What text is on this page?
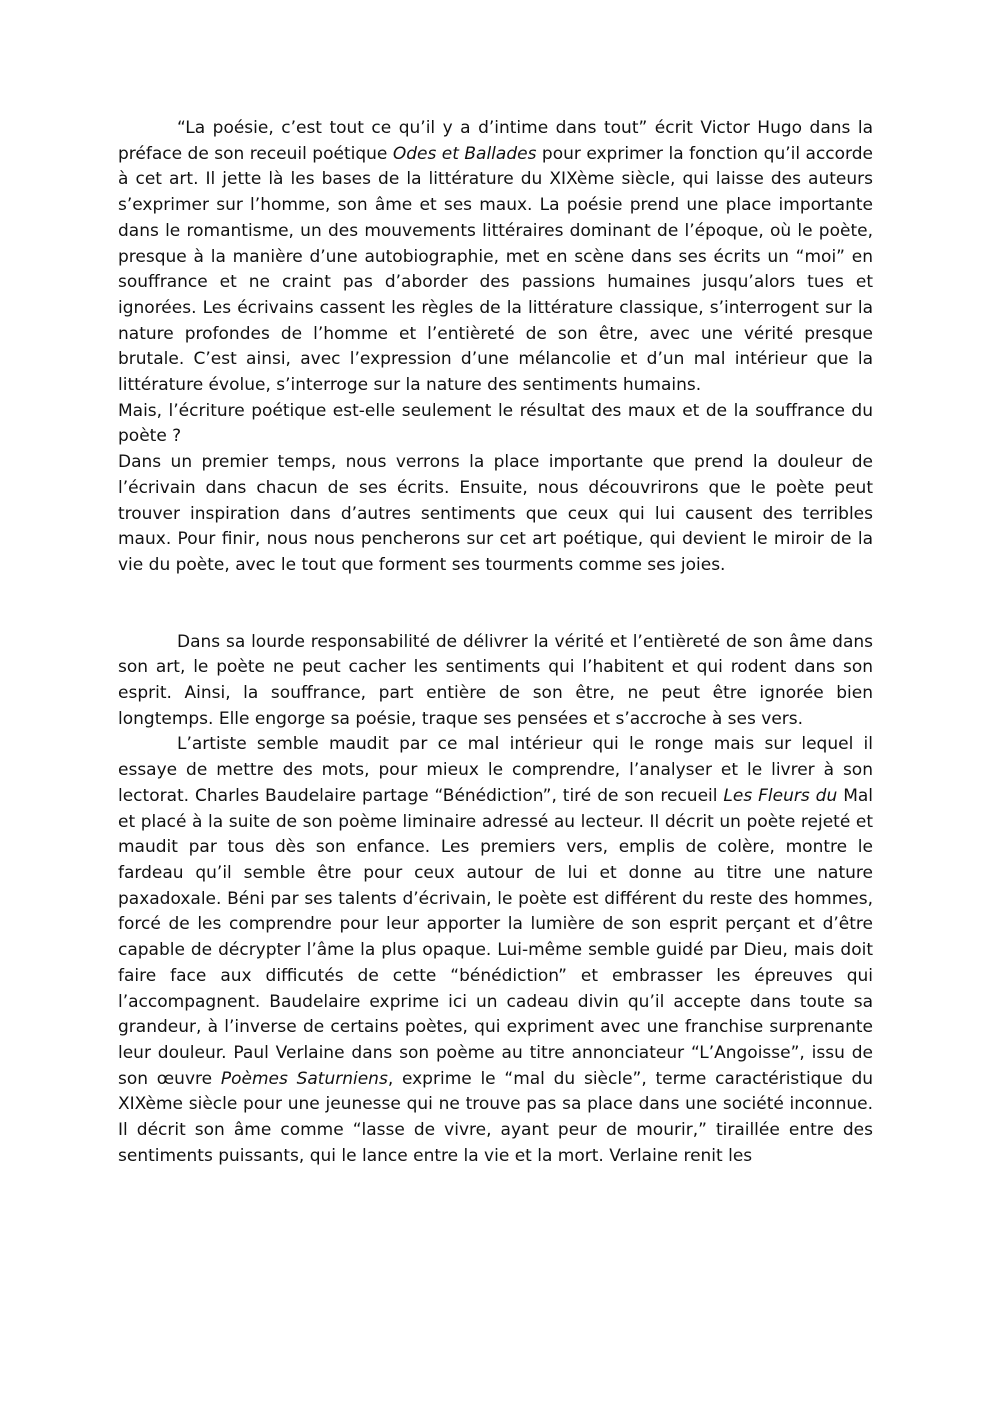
“La poésie, c’est tout ce qu’il y a d’intime dans tout” écrit Victor Hugo dans la préface de son receuil poétique Odes et Ballades pour exprimer la fonction qu’il accorde à cet art. Il jette là les bases de la littérature du XIXème siècle, qui laisse des auteurs s’exprimer sur l’homme, son âme et ses maux. La poésie prend une place importante dans le romantisme, un des mouvements littéraires dominant de l’époque, où le poète, presque à la manière d’une autobiographie, met en scène dans ses écrits un “moi” en souffrance et ne craint pas d’aborder des passions humaines jusqu’alors tues et ignorées. Les écrivains cassent les règles de la littérature classique, s’interrogent sur la nature profondes de l’homme et l’entièreté de son être, avec une vérité presque brutale. C’est ainsi, avec l’expression d’une mélancolie et d’un mal intérieur que la littérature évolue, s’interroge sur la nature des sentiments humains.

Mais, l’écriture poétique est-elle seulement le résultat des maux et de la souffrance du poète ?

Dans un premier temps, nous verrons la place importante que prend la douleur de l’écrivain dans chacun de ses écrits. Ensuite, nous découvrirons que le poète peut trouver inspiration dans d’autres sentiments que ceux qui lui causent des terribles maux. Pour finir, nous nous pencherons sur cet art poétique, qui devient le miroir de la vie du poète, avec le tout que forment ses tourments comme ses joies.

Dans sa lourde responsabilité de délivrer la vérité et l’entièreté de son âme dans son art, le poète ne peut cacher les sentiments qui l’habitent et qui rodent dans son esprit. Ainsi, la souffrance, part entière de son être, ne peut être ignorée bien longtemps. Elle engorge sa poésie, traque ses pensées et s’accroche à ses vers.

L’artiste semble maudit par ce mal intérieur qui le ronge mais sur lequel il essaye de mettre des mots, pour mieux le comprendre, l’analyser et le livrer à son lectorat. Charles Baudelaire partage “Bénédiction”, tiré de son recueil Les Fleurs du Mal et placé à la suite de son poème liminaire adressé au lecteur. Il décrit un poète rejeté et maudit par tous dès son enfance. Les premiers vers, emplis de colère, montre le fardeau qu’il semble être pour ceux autour de lui et donne au titre une nature paxadoxale. Béni par ses talents d’écrivain, le poète est différent du reste des hommes, forcé de les comprendre pour leur apporter la lumière de son esprit perçant et d’être capable de décrypter l’âme la plus opaque. Lui-même semble guidé par Dieu, mais doit faire face aux difficutés de cette “bénédiction” et embrasser les épreuves qui l’accompagnent. Baudelaire exprime ici un cadeau divin qu’il accepte dans toute sa grandeur, à l’inverse de certains poètes, qui expriment avec une franchise surprenante leur douleur. Paul Verlaine dans son poème au titre annonciateur “L’Angoisse”, issu de son œuvre Poèmes Saturniens, exprime le “mal du siècle”, terme caractéristique du XIXème siècle pour une jeunesse qui ne trouve pas sa place dans une société inconnue. Il décrit son âme comme “lasse de vivre, ayant peur de mourir,” tiraillée entre des sentiments puissants, qui le lance entre la vie et la mort. Verlaine renit les
